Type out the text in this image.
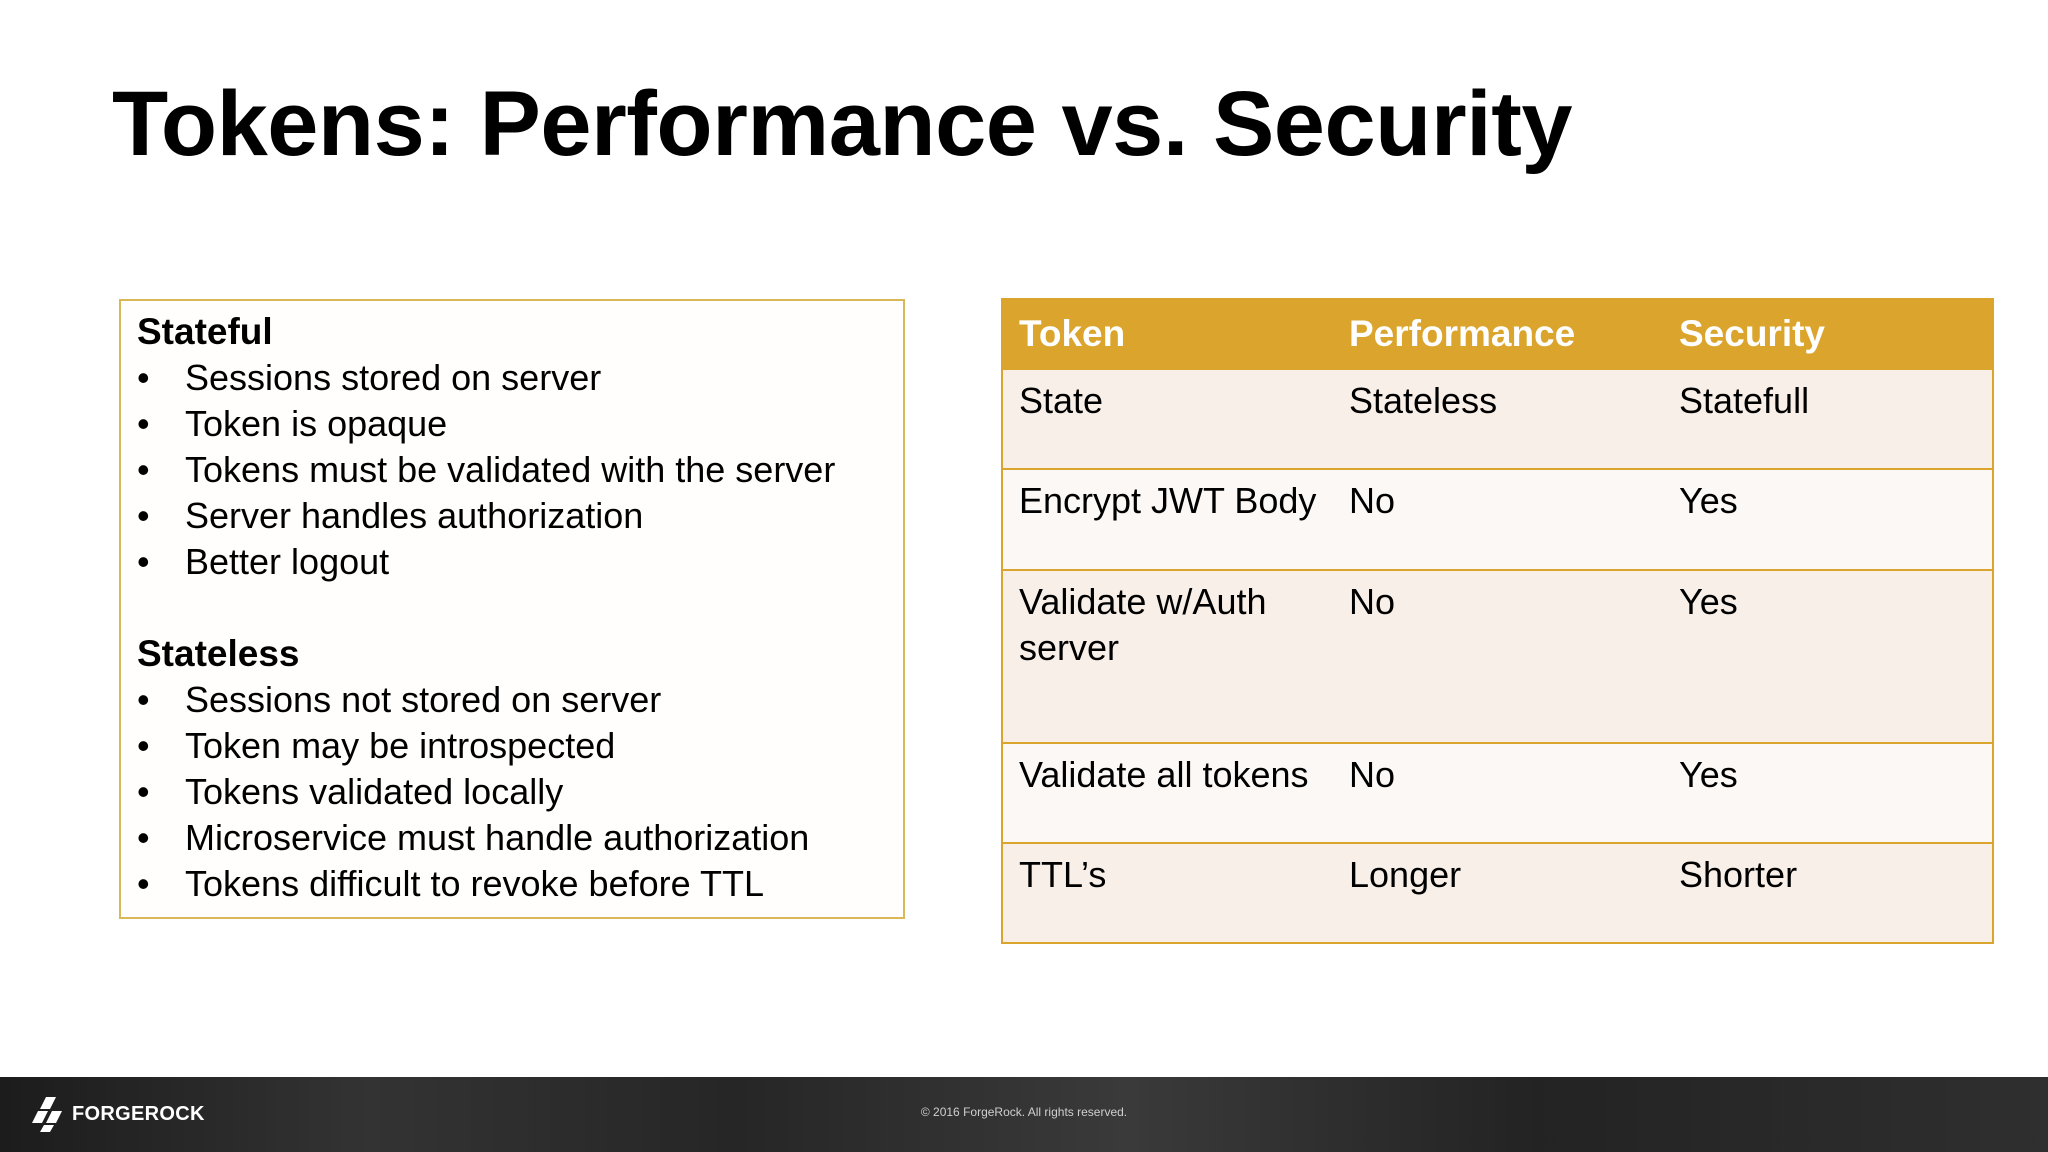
Tokens: Performance vs. Security

Stateful

• Sessions stored on server
• Token is opaque
• Tokens must be validated with the server
• Server handles authorization
• Better logout

Stateless

• Sessions not stored on server
• Token may be introspected
• Tokens validated locally
• Microservice must handle authorization
• Tokens difficult to revoke before TTL
Token	Performance	Security
State	Stateless	Statefull
Encrypt JWT Body	No	Yes
Validate w/Auth server	No	Yes
Validate all tokens	No	Yes
TTL’s	Longer	Shorter
FORGEROCK	© 2016 ForgeRock. All rights reserved.
